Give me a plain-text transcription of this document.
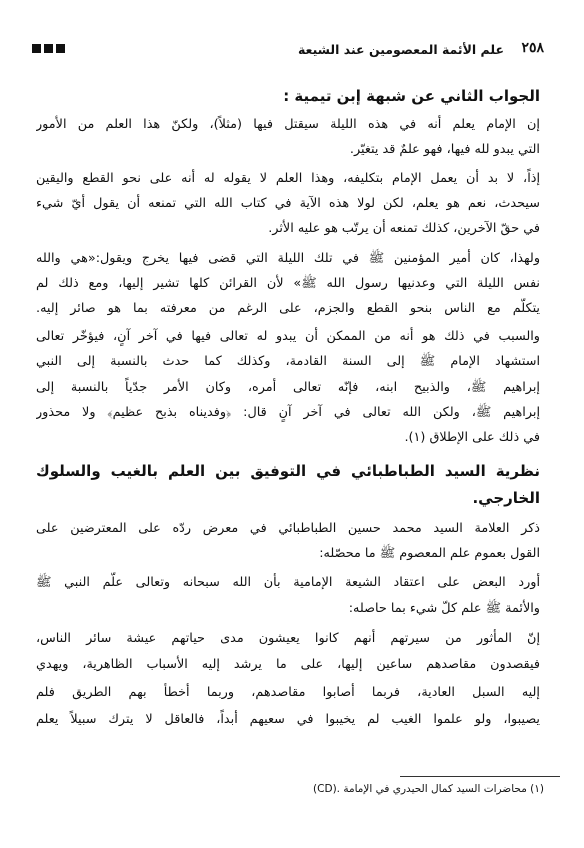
٢٥٨
علم الأئمة المعصومين عند الشيعة
الجواب الثاني عن شبهة إبن تيمية :
إن الإمام يعلم أنه في هذه الليلة سيقتل فيها (مثلاً)، ولكنّ هذا العلم من الأمور
التي يبدو لله فيها، فهو علمٌ قد يتغيّر.
إذاً، لا بد أن يعمل الإمام بتكليفه، وهذا العلم لا يقوله له أنه على نحو القطع واليقين
سيحدث، نعم هو يعلم، لكن لولا هذه الآية في كتاب الله التي تمنعه أن يقول أيّ شيء
في حقّ الآخرين، كذلك تمنعه أن يرتّب هو عليه الأثر.
ولهذا، كان أمير المؤمنين ﷺ في تلك الليلة التي قضى فيها يخرج ويقول:«هي والله
نفس الليلة التي وعدنيها رسول الله ﷺ» لأن القرائن كلها تشير إليها، ومع ذلك لم
يتكلّم مع الناس بنحو القطع والجزم، على الرغم من معرفته بما هو صائر إليه.
والسبب في ذلك هو أنه من الممكن أن يبدو له تعالى فيها في آخر آنٍ، فيؤخّر تعالى
استشهاد الإمام ﷺ إلى السنة القادمة، وكذلك كما حدث بالنسبة إلى النبي
إبراهيم ﷺ، والذبيح ابنه، فإنّه تعالى أمره، وكان الأمر جدّياً بالنسبة إلى
إبراهيم ﷺ، ولكن الله تعالى في آخر آنٍ قال: ﴿وفديناه بذبح عظيم﴾ ولا محذور
في ذلك على الإطلاق (١).
نظرية السيد الطباطبائي في التوفيق بين العلم بالغيب والسلوك
الخارجي.
ذكر العلامة السيد محمد حسين الطباطبائي في معرض ردّه على المعترضين على
القول بعموم علم المعصوم ﷺ ما محصّله:
أورد البعض على اعتقاد الشيعة الإمامية بأن الله سبحانه وتعالى علّم النبي ﷺ
والأئمة ﷺ علم كلّ شيء بما حاصله:
إنّ المأثور من سيرتهم أنهم كانوا يعيشون مدى حياتهم عيشة سائر الناس،
فيقصدون مقاصدهم ساعين إليها، على ما يرشد إليه الأسباب الظاهرية، ويهدي
إليه السبل العادية، فربما أصابوا مقاصدهم، وربما أخطأ بهم الطريق فلم
يصيبوا، ولو علموا الغيب لم يخيبوا في سعيهم أبداً، فالعاقل لا يترك سبيلاً يعلم
(١) محاضرات السيد كمال الحيدري في الإمامة .(CD)
